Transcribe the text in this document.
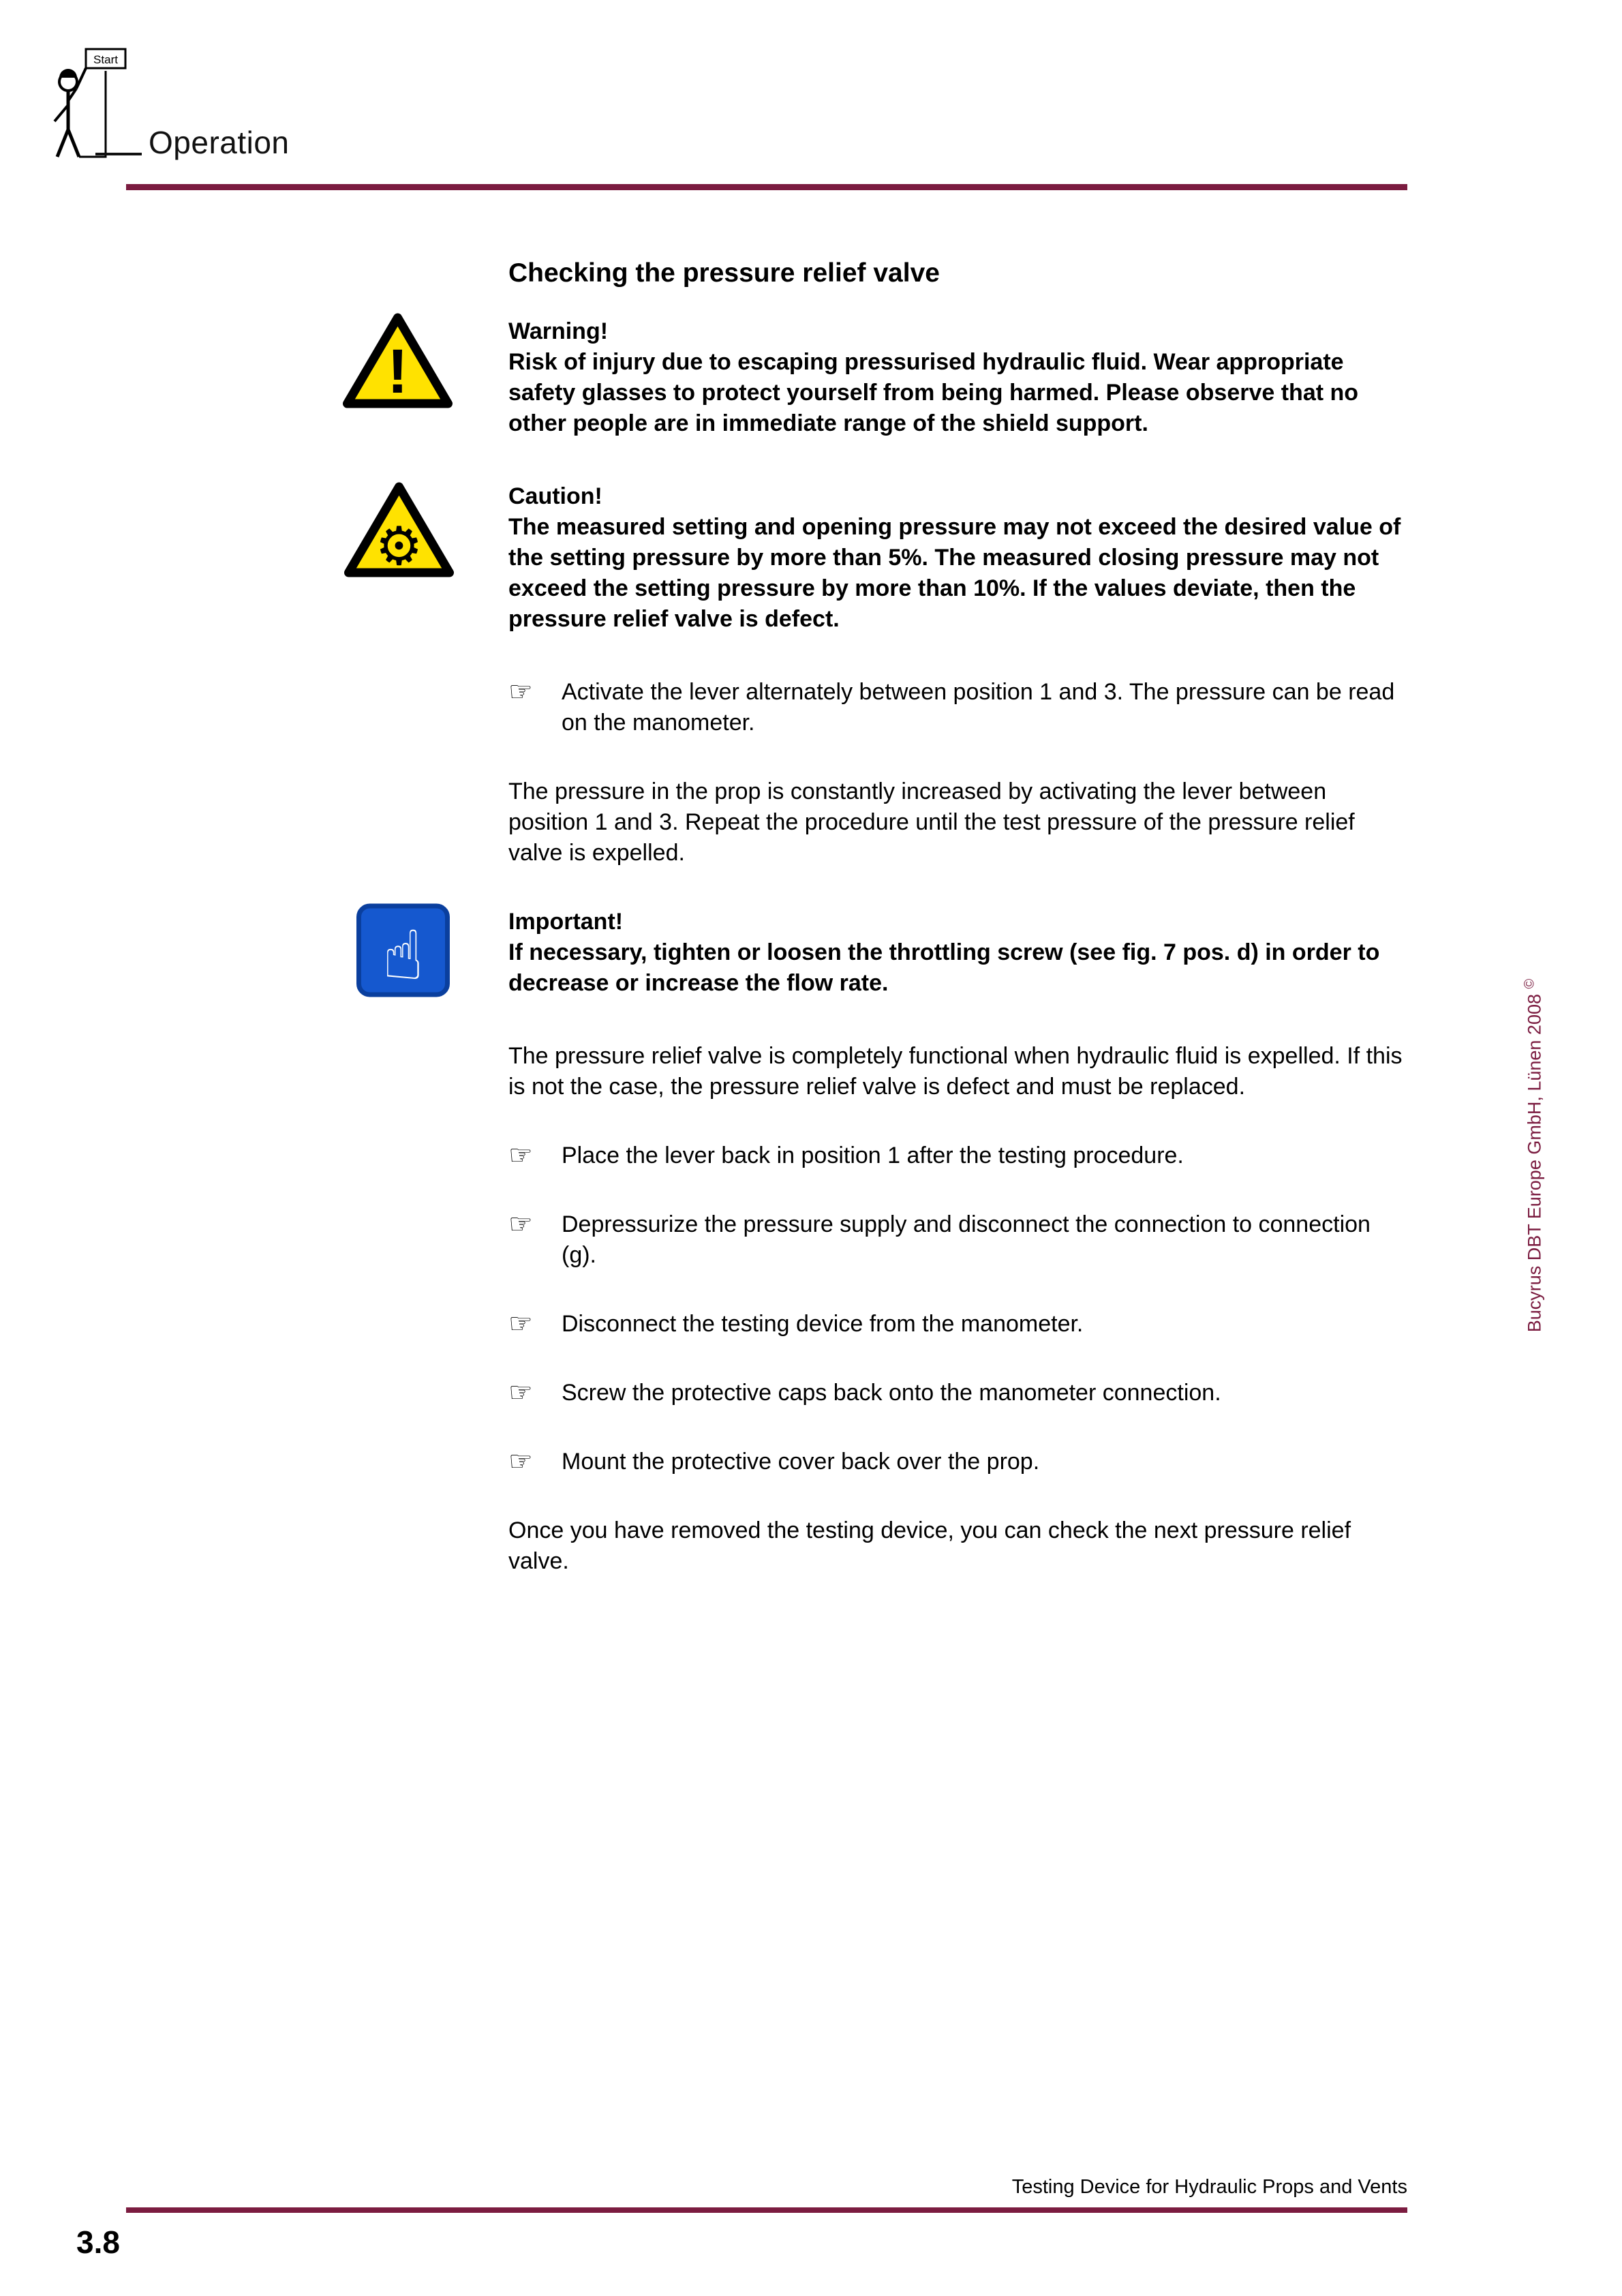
Start
Operation
Checking the pressure relief valve
!
Warning!
Risk of injury due to escaping pressurised hydraulic fluid. Wear appropriate safety glasses to protect yourself from being harmed. Please observe that no other people are in immediate range of the shield support.
⚙
Caution!
The measured setting and opening pressure may not exceed the desired value of the setting pressure by more than 5%. The measured closing pressure may not exceed the setting pressure by more than 10%. If the values deviate, then the pressure relief valve is defect.
☞	Activate the lever alternately between position 1 and 3. The pressure can be read on the manometer.

The pressure in the prop is constantly increased by activating the lever between position 1 and 3. Repeat the procedure until the test pressure of the pressure relief valve is expelled.

☝	Important!
If necessary, tighten or loosen the throttling screw (see fig. 7 pos. d) in order to decrease or increase the flow rate.

The pressure relief valve is completely functional when hydraulic fluid is expelled. If this is not the case, the pressure relief valve is defect and must be replaced.

☞	Place the lever back in position 1 after the testing procedure.
☞	Depressurize the pressure supply and disconnect the connection to connection (g).
☞	Disconnect the testing device from the manometer.
☞	Screw the protective caps back onto the manometer connection.
☞	Mount the protective cover back over the prop.

Once you have removed the testing device, you can check the next pressure relief valve.

Bucyrus DBT Europe GmbH, Lünen 2008 ©
Testing Device for Hydraulic Props and Vents
3.8
